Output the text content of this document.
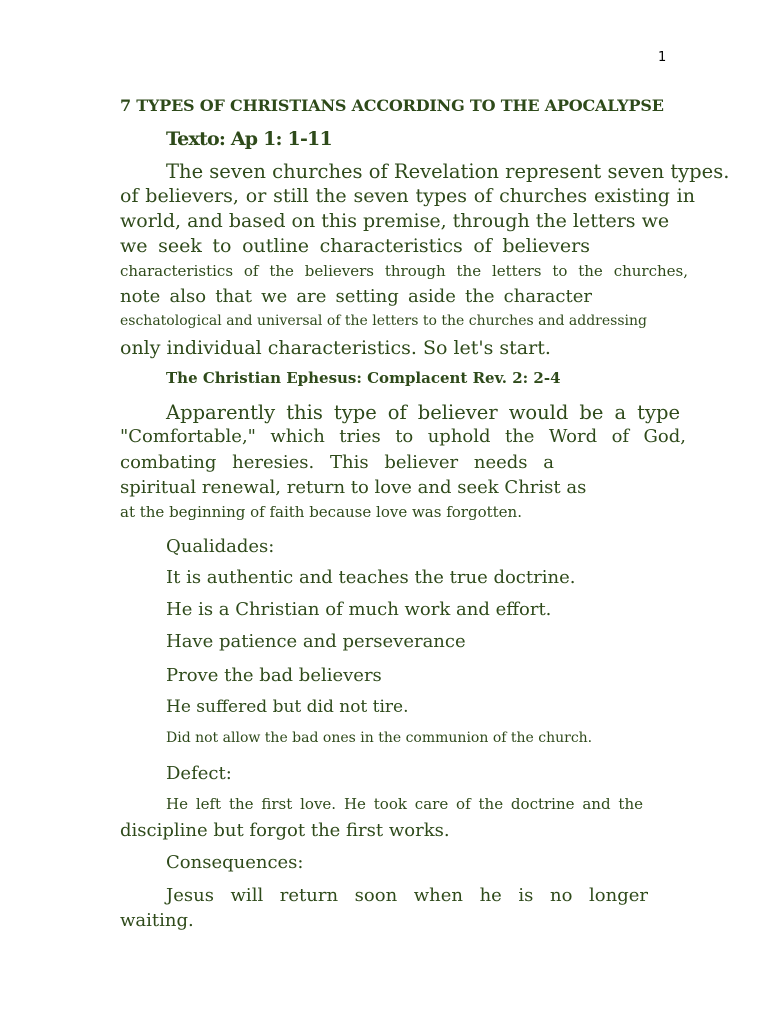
1
7 TYPES OF CHRISTIANS ACCORDING TO THE APOCALYPSE
Texto: Ap 1: 1-11
The seven churches of Revelation represent seven types.
of believers, or still the seven types of churches existing in
world, and based on this premise, through the letters we
we seek to outline characteristics of believers
characteristics of the believers through the letters to the churches,
note also that we are setting aside the character
eschatological and universal of the letters to the churches and addressing
only individual characteristics. So let's start.
The Christian Ephesus: Complacent Rev. 2: 2-4
Apparently this type of believer would be a type
"Comfortable," which tries to uphold the Word of God,
combating heresies. This believer needs a
spiritual renewal, return to love and seek Christ as
at the beginning of faith because love was forgotten.
Qualidades:
It is authentic and teaches the true doctrine.
He is a Christian of much work and effort.
Have patience and perseverance
Prove the bad believers
He suffered but did not tire.
Did not allow the bad ones in the communion of the church.
Defect:
He left the first love. He took care of the doctrine and the
discipline but forgot the first works.
Consequences:
Jesus will return soon when he is no longer
waiting.
